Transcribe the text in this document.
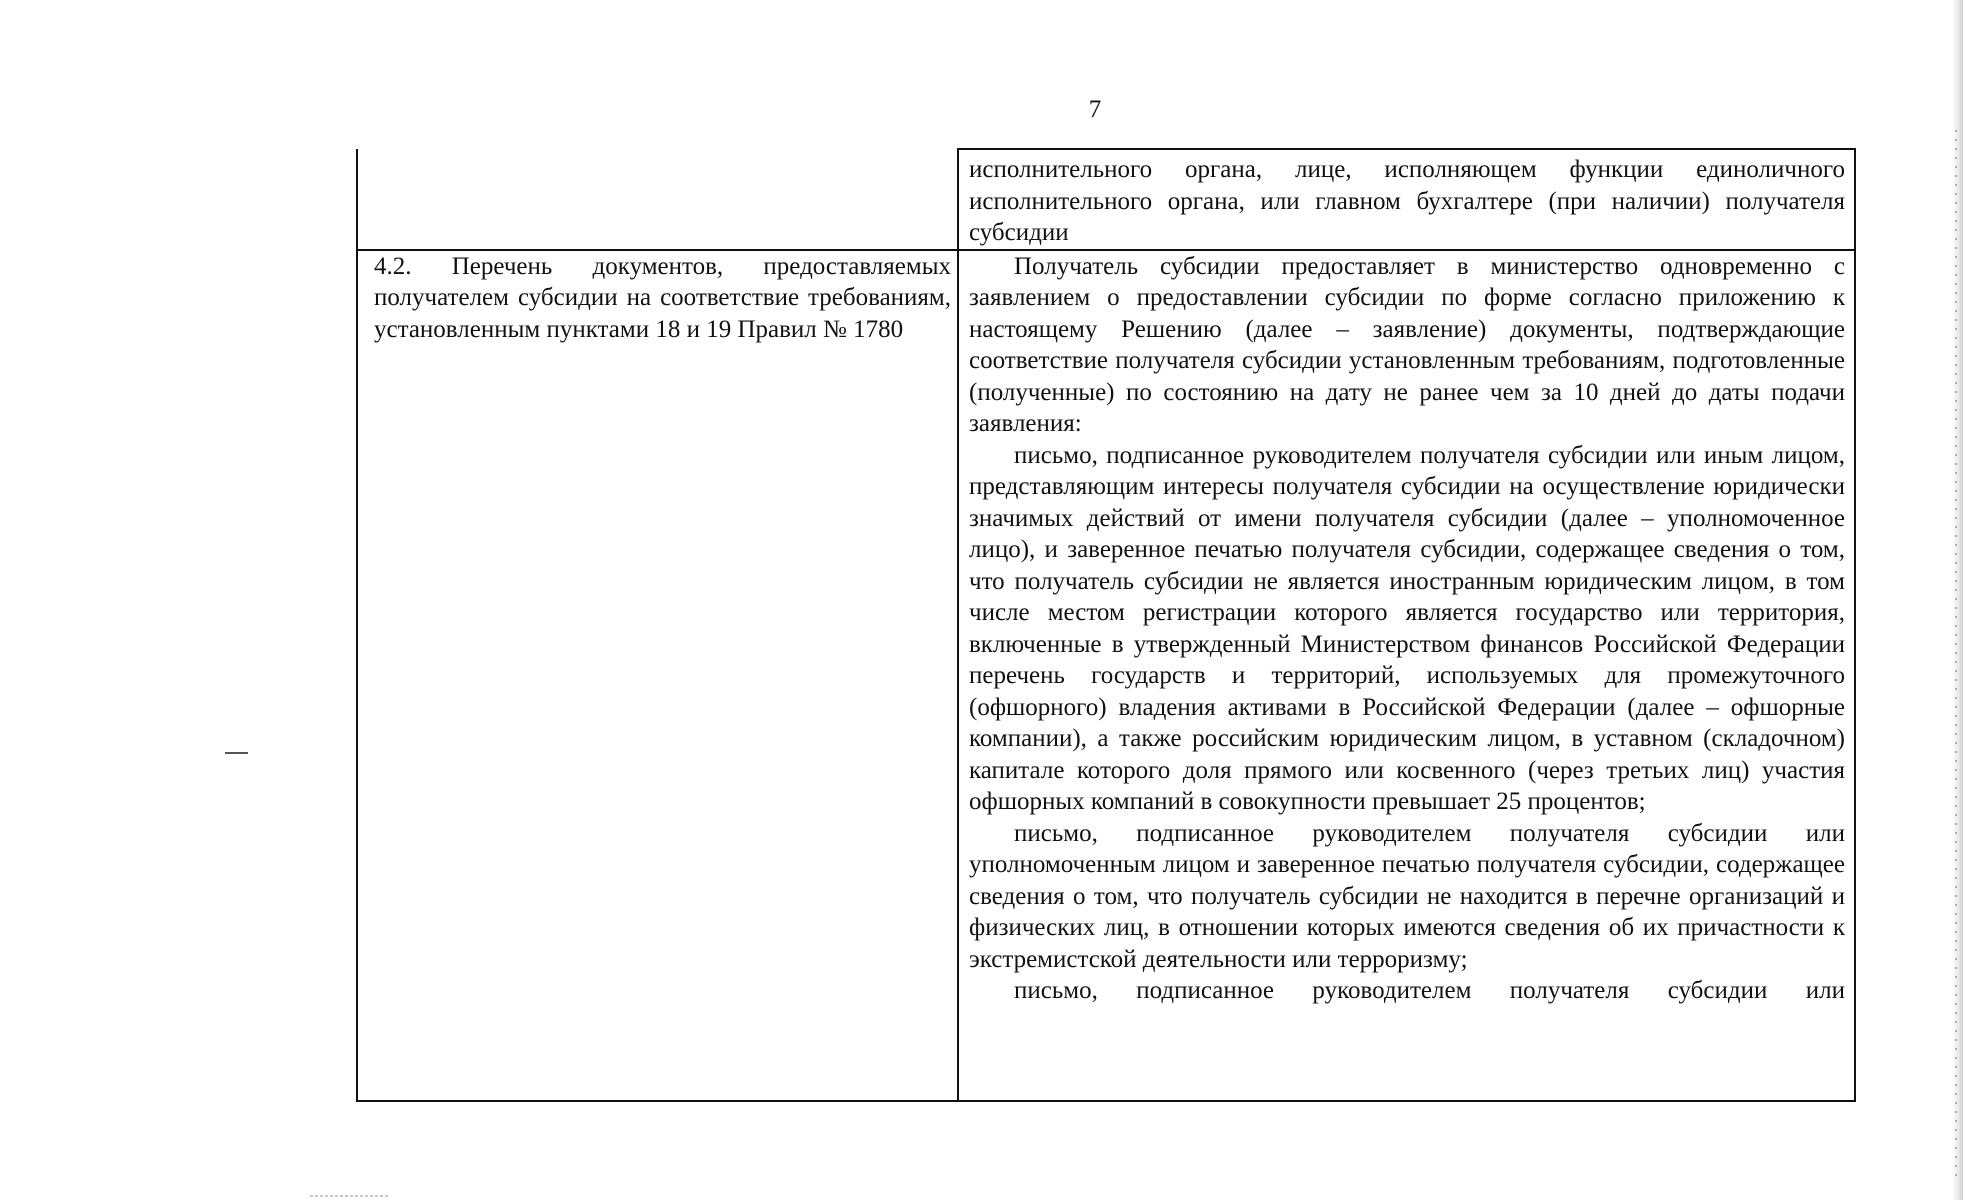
7

	исполнительного органа, лице, исполняющем функции единоличного исполнительного органа, или главном бухгалтере (при наличии) получателя субсидии

4.2. Перечень документов, предоставляемых получателем субсидии на соответствие требованиям, установленным пунктами 18 и 19 Правил № 1780	Получатель субсидии предоставляет в министерство одновременно с заявлением о предоставлении субсидии по форме согласно приложению к настоящему Решению (далее – заявление) документы, подтверждающие соответствие получателя субсидии установленным требованиям, подготовленные (полученные) по состоянию на дату не ранее чем за 10 дней до даты подачи заявления:

письмо, подписанное руководителем получателя субсидии или иным лицом, представляющим интересы получателя субсидии на осуществление юридически значимых действий от имени получателя субсидии (далее – уполномоченное лицо), и заверенное печатью получателя субсидии, содержащее сведения о том, что получатель субсидии не является иностранным юридическим лицом, в том числе местом регистрации которого является государство или территория, включенные в утвержденный Министерством финансов Российской Федерации перечень государств и территорий, используемых для промежуточного (офшорного) владения активами в Российской Федерации (далее – офшорные компании), а также российским юридическим лицом, в уставном (складочном) капитале которого доля прямого или косвенного (через третьих лиц) участия офшорных компаний в совокупности превышает 25 процентов;

письмо, подписанное руководителем получателя субсидии или уполномоченным лицом и заверенное печатью получателя субсидии, содержащее сведения о том, что получатель субсидии не находится в перечне организаций и физических лиц, в отношении которых имеются сведения об их причастности к экстремистской деятельности или терроризму;

письмо, подписанное руководителем получателя субсидии или
